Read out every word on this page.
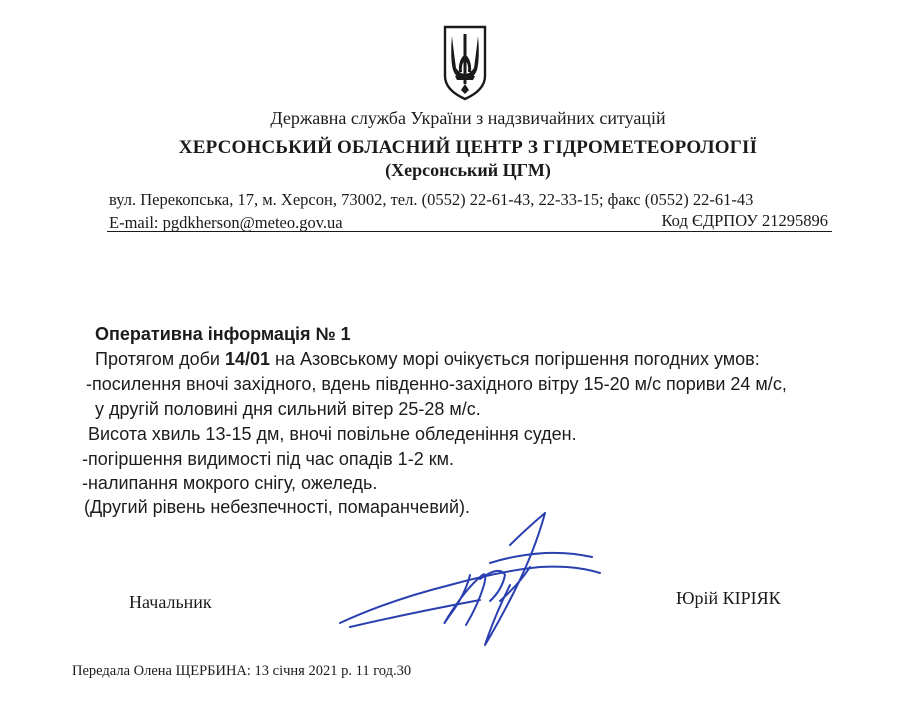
Державна служба України з надзвичайних ситуацій
ХЕРСОНСЬКИЙ ОБЛАСНИЙ ЦЕНТР З ГІДРОМЕТЕОРОЛОГІЇ
(Херсонський ЦГМ)
вул. Перекопська, 17, м. Херсон, 73002, тел. (0552) 22-61-43, 22-33-15; факс (0552) 22-61-43
E-mail: pgdkherson@meteo.gov.ua	Код ЄДРПОУ 21295896
Оперативна інформація № 1
Протягом доби 14/01 на Азовському морі очікується погіршення погодних умов:
-посилення вночі західного, вдень південно-західного вітру 15-20 м/с пориви 24 м/с,
у другій половині дня сильний вітер 25-28 м/с.
Висота хвиль 13-15 дм, вночі повільне обледеніння суден.
-погіршення видимості під час опадів 1-2 км.
-налипання мокрого снігу, ожеледь.
(Другий рівень небезпечності, помаранчевий).
Начальник	Юрій КІРІЯК
Передала Олена ЩЕРБИНА: 13 січня 2021 р. 11 год.30
